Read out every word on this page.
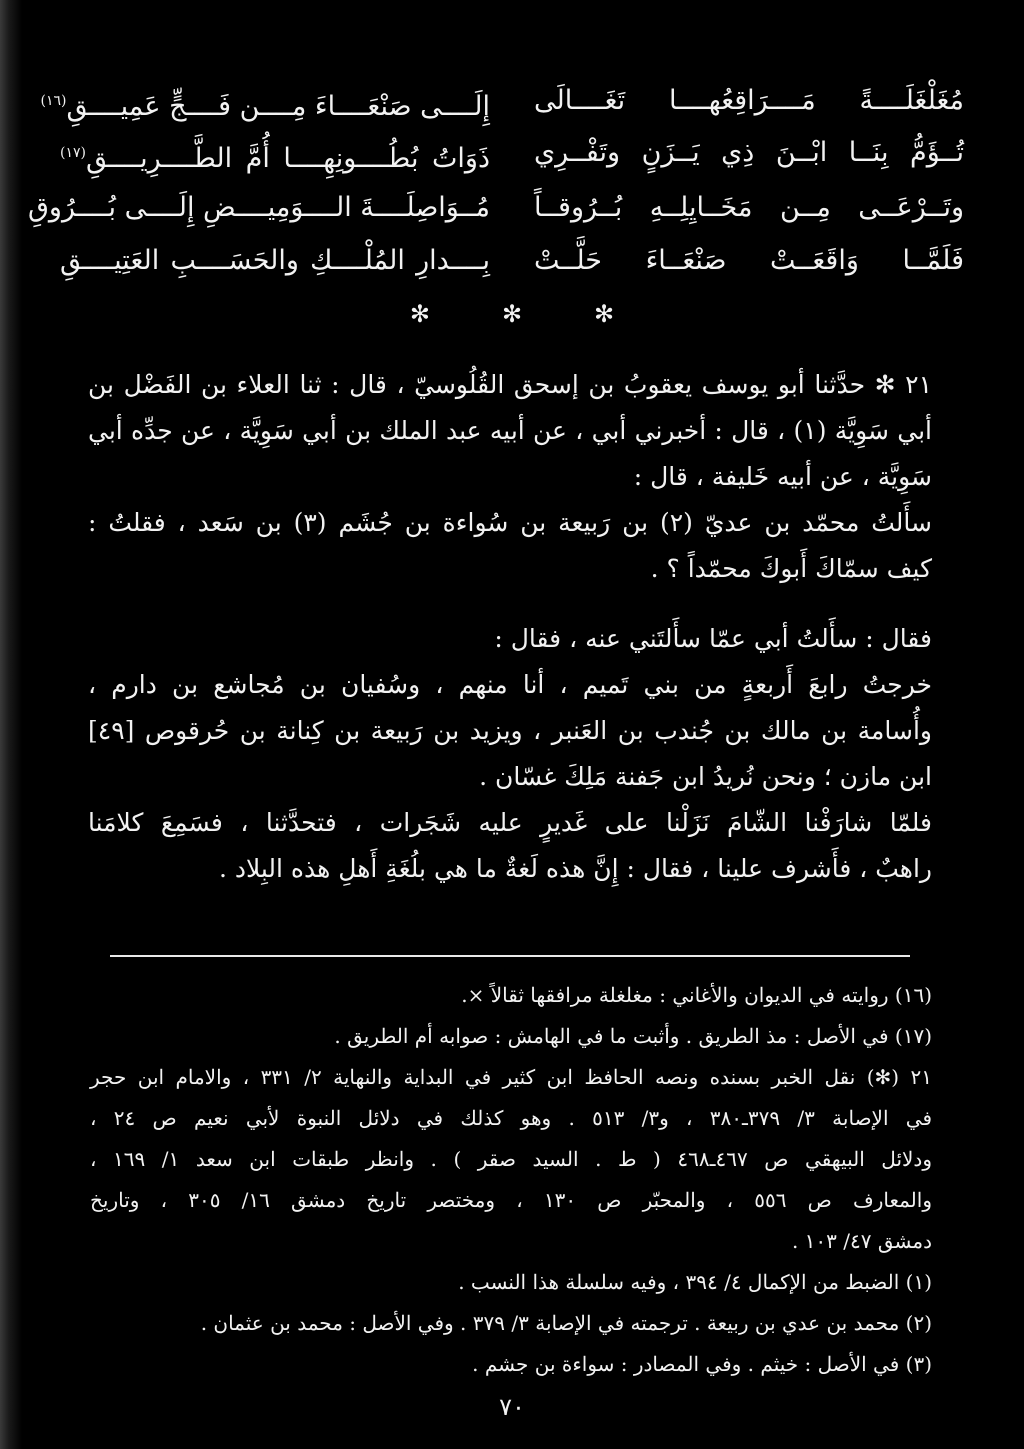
مُغَلْغَلَــــةً مَــــرَاقِعُهــــا تَغَــــالَى
إِلَــــى صَنْعَــــاءَ مِــــن فَــــجٍّ عَمِيــــقِ$^{(١٦)}$
تُــؤَمُّ بِنَــا ابْــنَ ذِي يَــزَنٍ وتَفْــرِي
ذَوَاتُ بُطُــــونِهِــــا أُمَّ الطَّــــرِيــــقِ$^{(١٧)}$
وتَــرْعَــى مِــن مَخَــايِلِــهِ بُــرُوقــاً
مُــوَاصِلَــــةَ الــــوَمِيــــضِ إِلَــــى بُــــرُوقِ
فَلَمَّــا وَاقَعَــتْ صَنْعَــاءَ حَلَّــتْ
بِــــدارِ المُلْــــكِ والحَسَــــبِ العَتِيــــقِ
✻	✻	✻
٢١ ✻ حدَّثنا أبو يوسف يعقوبُ بن إسحق القُلُوسيّ ، قال : ثنا العلاء بن الفَضْل بن
أبي سَوِيَّة (١) ، قال : أخبرني أبي ، عن أبيه عبد الملك بن أبي سَوِيَّة ، عن جدِّه أبي
سَوِيَّة ، عن أبيه خَليفة ، قال :
سأَلتُ محمّد بن عديّ (٢) بن رَبيعة بن سُواءة بن جُشَم (٣) بن سَعد ، فقلتُ :
كيف سمّاكَ أَبوكَ محمّداً ؟ .
فقال : سأَلتُ أبي عمّا سأَلتَني عنه ، فقال :
خرجتُ رابعَ أَربعةٍ من بني تَميم ، أنا منهم ، وسُفيان بن مُجاشع بن دارم ،
وأُسامة بن مالك بن جُندب بن العَنبر ، ويزيد بن رَبيعة بن كِنانة بن حُرقوص [٤٩]
ابن مازن ؛ ونحن نُريدُ ابن جَفنة مَلِكَ غسّان .
فلمّا شارَفْنا الشّامَ نَزَلْنا على غَديرٍ عليه شَجَرات ، فتحدَّثنا ، فسَمِعَ كلامَنا
راهبٌ ، فأَشرف علينا ، فقال : إِنَّ هذه لَغةٌ ما هي بلُغَةِ أَهلِ هذه البِلاد .
(١٦) روايته في الديوان والأغاني : مغلغلة مرافقها ثقالاً ×.
(١٧) في الأصل : مذ الطريق . وأثبت ما في الهامش : صوابه أم الطريق .
٢١ (✻) نقل الخبر بسنده ونصه الحافظ ابن كثير في البداية والنهاية ٢/ ٣٣١ ، والامام ابن حجر
في الإصابة ٣/ ٣٧٩ـ٣٨٠ ، و٣/ ٥١٣ . وهو كذلك في دلائل النبوة لأبي نعيم ص ٢٤ ،
ودلائل البيهقي ص ٤٦٧ـ٤٦٨ ( ط . السيد صقر ) . وانظر طبقات ابن سعد ١/ ١٦٩ ،
والمعارف ص ٥٥٦ ، والمحبّر ص ١٣٠ ، ومختصر تاريخ دمشق ١٦/ ٣٠٥ ، وتاريخ
دمشق ٤٧/ ١٠٣ .
(١) الضبط من الإكمال ٤/ ٣٩٤ ، وفيه سلسلة هذا النسب .
(٢) محمد بن عدي بن ربيعة . ترجمته في الإصابة ٣/ ٣٧٩ . وفي الأصل : محمد بن عثمان .
(٣) في الأصل : خيثم . وفي المصادر : سواءة بن جشم .
٧٠
